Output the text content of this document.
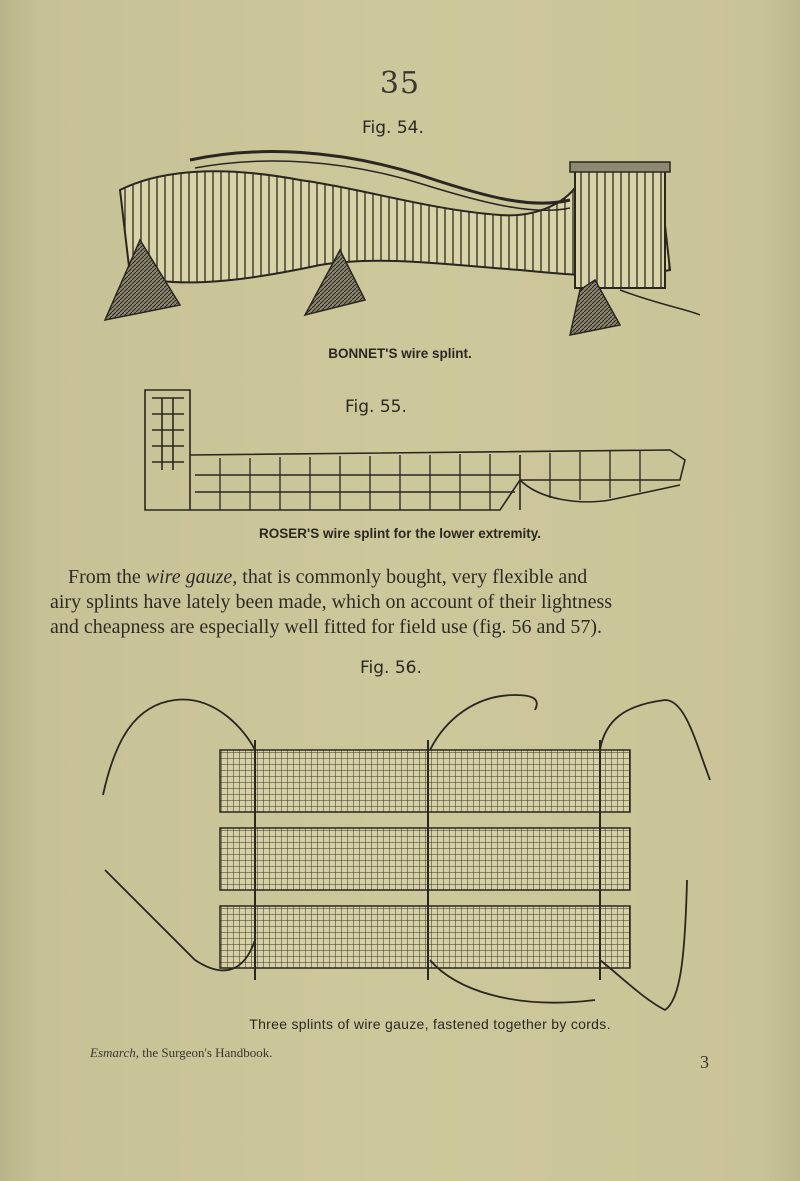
35
Fig. 54.
BONNET'S wire splint.
Fig. 55.
ROSER'S wire splint for the lower extremity.

From the wire gauze, that is commonly bought, very flexible and

airy splints have lately been made, which on account of their lightness

and cheapness are especially well fitted for field use (fig. 56 and 57).

Fig. 56.
Three splints of wire gauze, fastened together by cords.
Esmarch, the Surgeon's Handbook.	3
